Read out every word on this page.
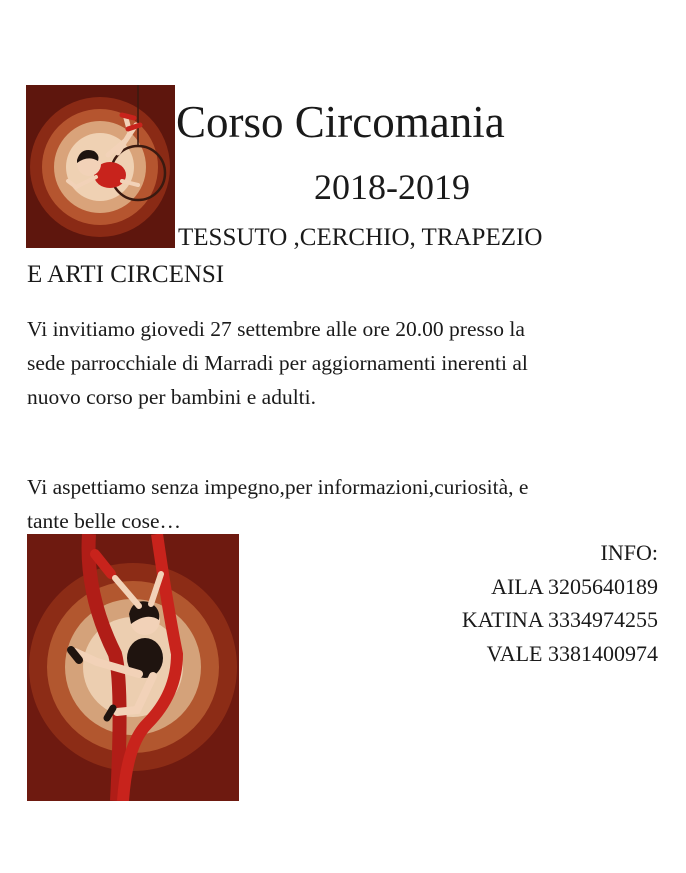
Corso Circomania
2018-2019
TESSUTO ,CERCHIO, TRAPEZIO
E ARTI CIRCENSI
Vi invitiamo giovedi 27 settembre alle ore 20.00 presso la
sede parrocchiale di Marradi per aggiornamenti inerenti al
nuovo corso per bambini e adulti.
Vi aspettiamo senza impegno,per informazioni,curiosità, e
tante belle cose…
INFO:
AILA 3205640189
KATINA 3334974255
VALE 3381400974
